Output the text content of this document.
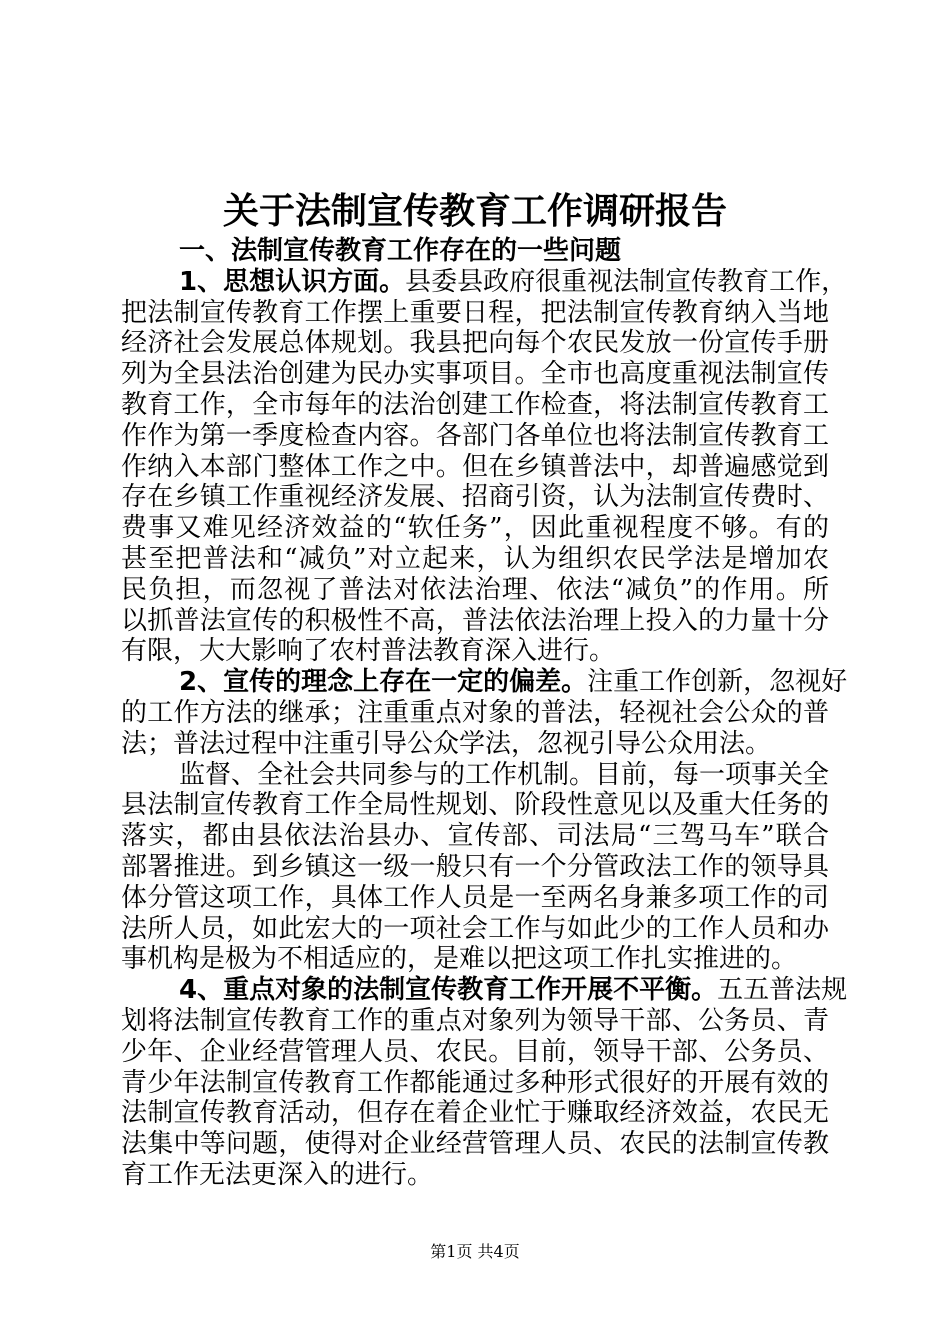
关于法制宣传教育工作调研报告
一、法制宣传教育工作存在的一些问题
1、思想认识方面。县委县政府很重视法制宣传教育工作，
把法制宣传教育工作摆上重要日程，把法制宣传教育纳入当地
经济社会发展总体规划。我县把向每个农民发放一份宣传手册
列为全县法治创建为民办实事项目。全市也高度重视法制宣传
教育工作，全市每年的法治创建工作检查，将法制宣传教育工
作作为第一季度检查内容。各部门各单位也将法制宣传教育工
作纳入本部门整体工作之中。但在乡镇普法中，却普遍感觉到
存在乡镇工作重视经济发展、招商引资，认为法制宣传费时、
费事又难见经济效益的“软任务”，因此重视程度不够。有的
甚至把普法和“减负”对立起来，认为组织农民学法是增加农
民负担，而忽视了普法对依法治理、依法“减负”的作用。所
以抓普法宣传的积极性不高，普法依法治理上投入的力量十分
有限，大大影响了农村普法教育深入进行。
2、宣传的理念上存在一定的偏差。注重工作创新，忽视好
的工作方法的继承；注重重点对象的普法，轻视社会公众的普
法；普法过程中注重引导公众学法，忽视引导公众用法。
监督、全社会共同参与的工作机制。目前，每一项事关全
县法制宣传教育工作全局性规划、阶段性意见以及重大任务的
落实，都由县依法治县办、宣传部、司法局“三驾马车”联合
部署推进。到乡镇这一级一般只有一个分管政法工作的领导具
体分管这项工作，具体工作人员是一至两名身兼多项工作的司
法所人员，如此宏大的一项社会工作与如此少的工作人员和办
事机构是极为不相适应的，是难以把这项工作扎实推进的。
4、重点对象的法制宣传教育工作开展不平衡。五五普法规
划将法制宣传教育工作的重点对象列为领导干部、公务员、青
少年、企业经营管理人员、农民。目前，领导干部、公务员、
青少年法制宣传教育工作都能通过多种形式很好的开展有效的
法制宣传教育活动，但存在着企业忙于赚取经济效益，农民无
法集中等问题，使得对企业经营管理人员、农民的法制宣传教
育工作无法更深入的进行。
第1页 共4页
